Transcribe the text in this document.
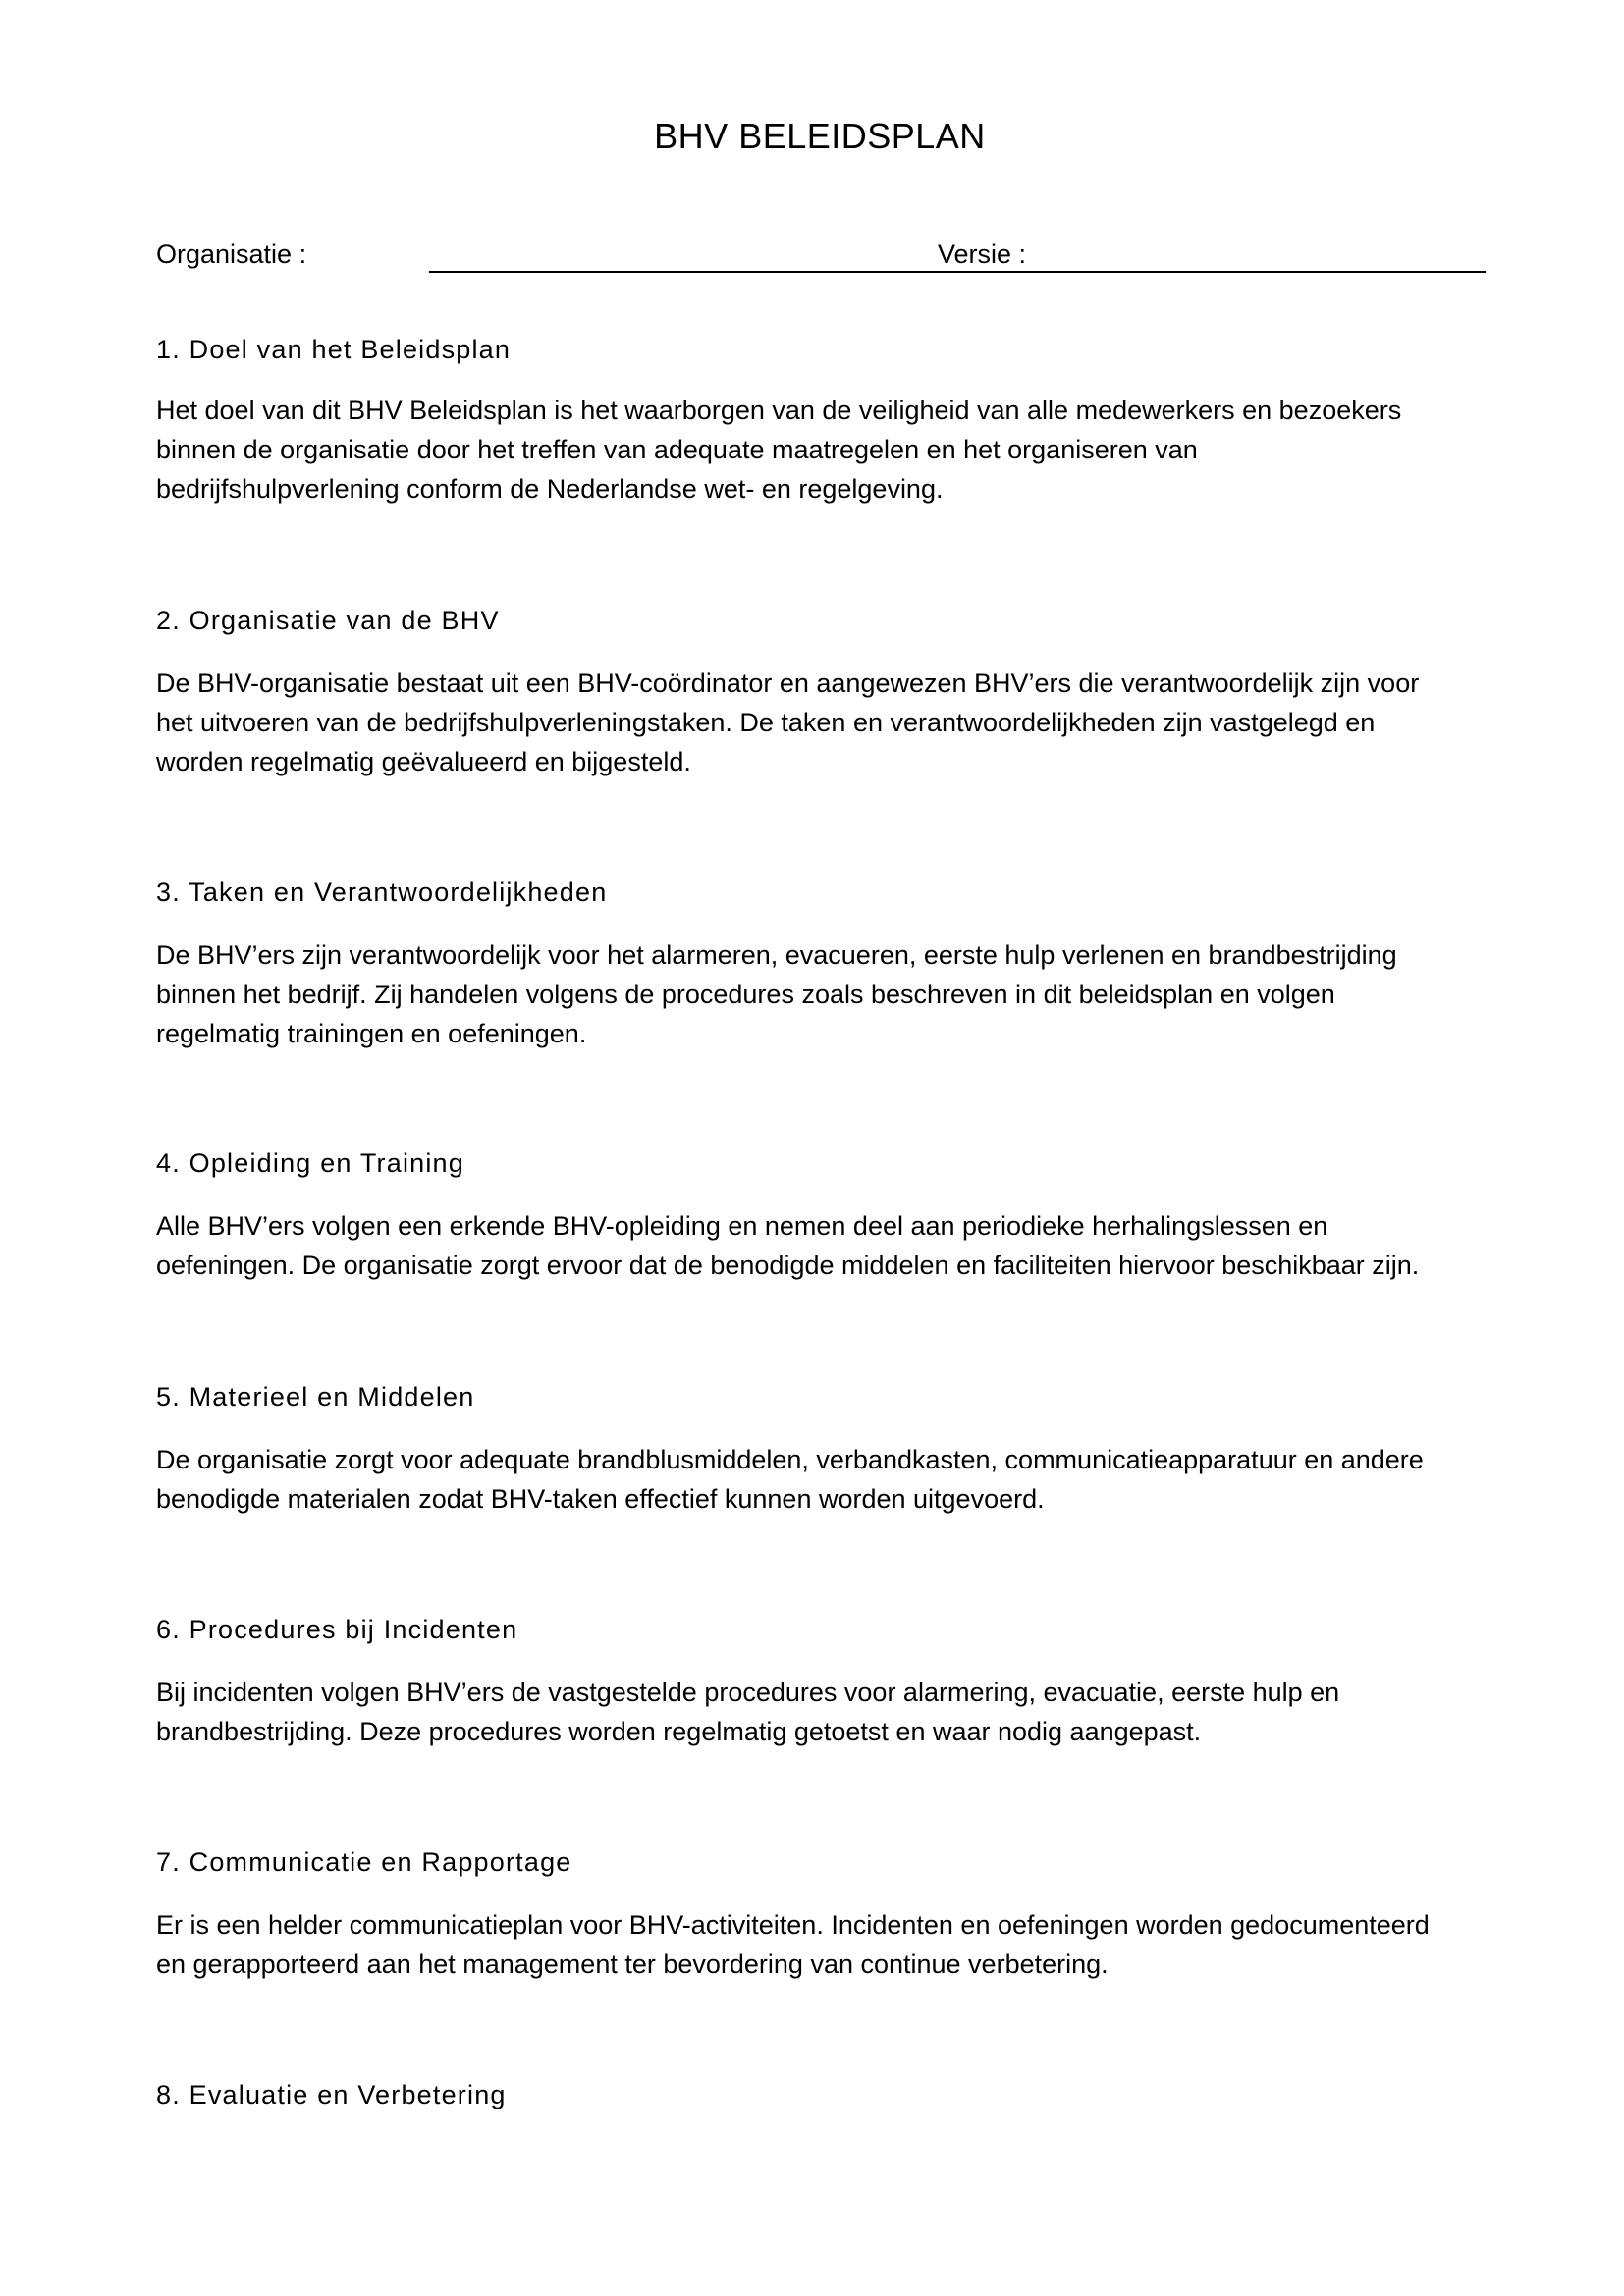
BHV BELEIDSPLAN
Organisatie :	Versie :
1. Doel van het Beleidsplan

Het doel van dit BHV Beleidsplan is het waarborgen van de veiligheid van alle medewerkers en bezoekers
binnen de organisatie door het treffen van adequate maatregelen en het organiseren van
bedrijfshulpverlening conform de Nederlandse wet- en regelgeving.

2. Organisatie van de BHV

De BHV-organisatie bestaat uit een BHV-coördinator en aangewezen BHV’ers die verantwoordelijk zijn voor
het uitvoeren van de bedrijfshulpverleningstaken. De taken en verantwoordelijkheden zijn vastgelegd en
worden regelmatig geëvalueerd en bijgesteld.

3. Taken en Verantwoordelijkheden

De BHV’ers zijn verantwoordelijk voor het alarmeren, evacueren, eerste hulp verlenen en brandbestrijding
binnen het bedrijf. Zij handelen volgens de procedures zoals beschreven in dit beleidsplan en volgen
regelmatig trainingen en oefeningen.

4. Opleiding en Training

Alle BHV’ers volgen een erkende BHV-opleiding en nemen deel aan periodieke herhalingslessen en
oefeningen. De organisatie zorgt ervoor dat de benodigde middelen en faciliteiten hiervoor beschikbaar zijn.

5. Materieel en Middelen

De organisatie zorgt voor adequate brandblusmiddelen, verbandkasten, communicatieapparatuur en andere
benodigde materialen zodat BHV-taken effectief kunnen worden uitgevoerd.

6. Procedures bij Incidenten

Bij incidenten volgen BHV’ers de vastgestelde procedures voor alarmering, evacuatie, eerste hulp en
brandbestrijding. Deze procedures worden regelmatig getoetst en waar nodig aangepast.

7. Communicatie en Rapportage

Er is een helder communicatieplan voor BHV-activiteiten. Incidenten en oefeningen worden gedocumenteerd
en gerapporteerd aan het management ter bevordering van continue verbetering.

8. Evaluatie en Verbetering
